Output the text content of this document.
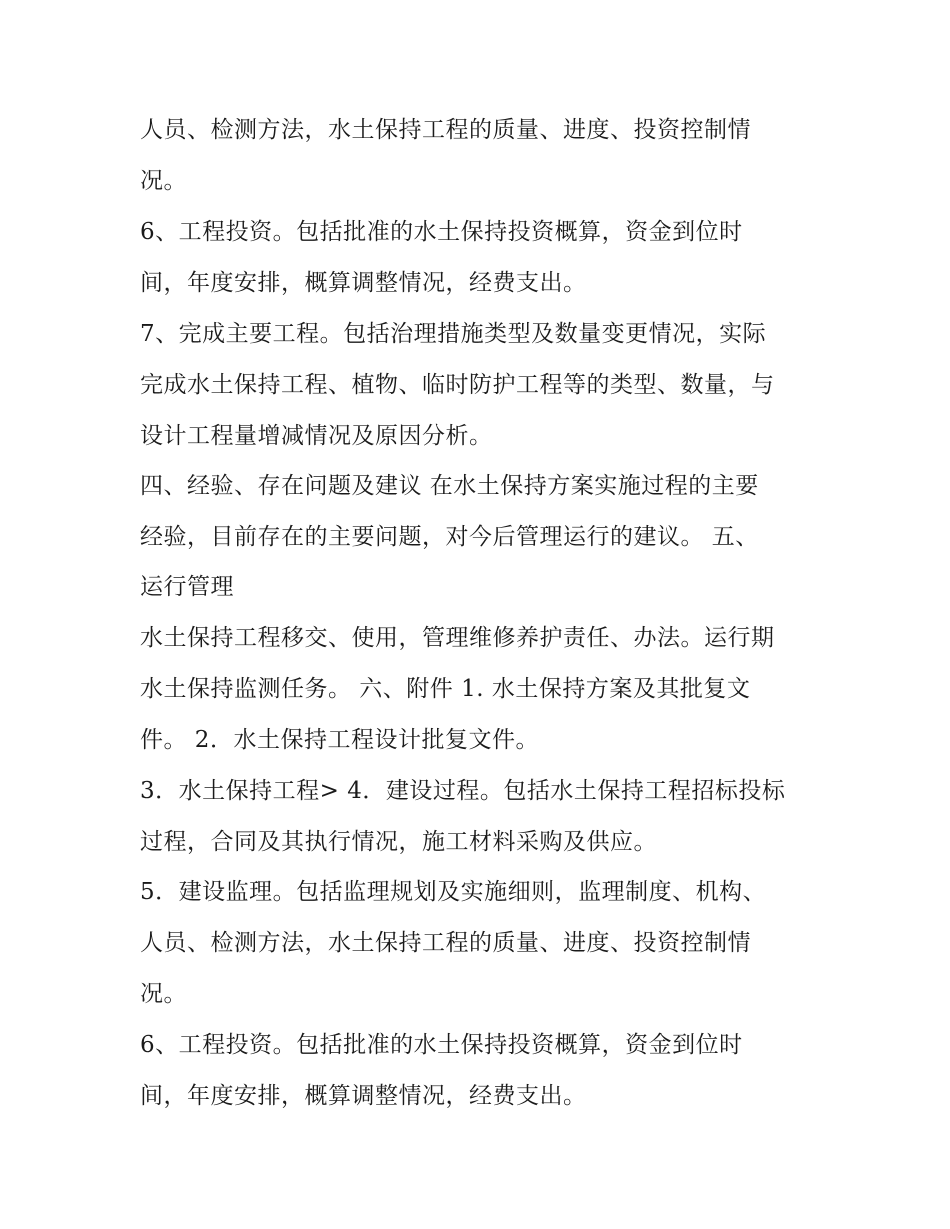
人员、检测方法，水土保持工程的质量、进度、投资控制情
况。
6、工程投资。包括批准的水土保持投资概算，资金到位时
间，年度安排，概算调整情况，经费支出。
7、完成主要工程。包括治理措施类型及数量变更情况，实际
完成水土保持工程、植物、临时防护工程等的类型、数量，与
设计工程量增减情况及原因分析。
四、经验、存在问题及建议 在水土保持方案实施过程的主要
经验，目前存在的主要问题，对今后管理运行的建议。 五、
运行管理
水土保持工程移交、使用，管理维修养护责任、办法。运行期
水土保持监测任务。 六、附件 1. 水土保持方案及其批复文
件。 2．水土保持工程设计批复文件。
3．水土保持工程> 4．建设过程。包括水土保持工程招标投标
过程，合同及其执行情况，施工材料采购及供应。
5．建设监理。包括监理规划及实施细则，监理制度、机构、
人员、检测方法，水土保持工程的质量、进度、投资控制情
况。
6、工程投资。包括批准的水土保持投资概算，资金到位时
间，年度安排，概算调整情况，经费支出。
